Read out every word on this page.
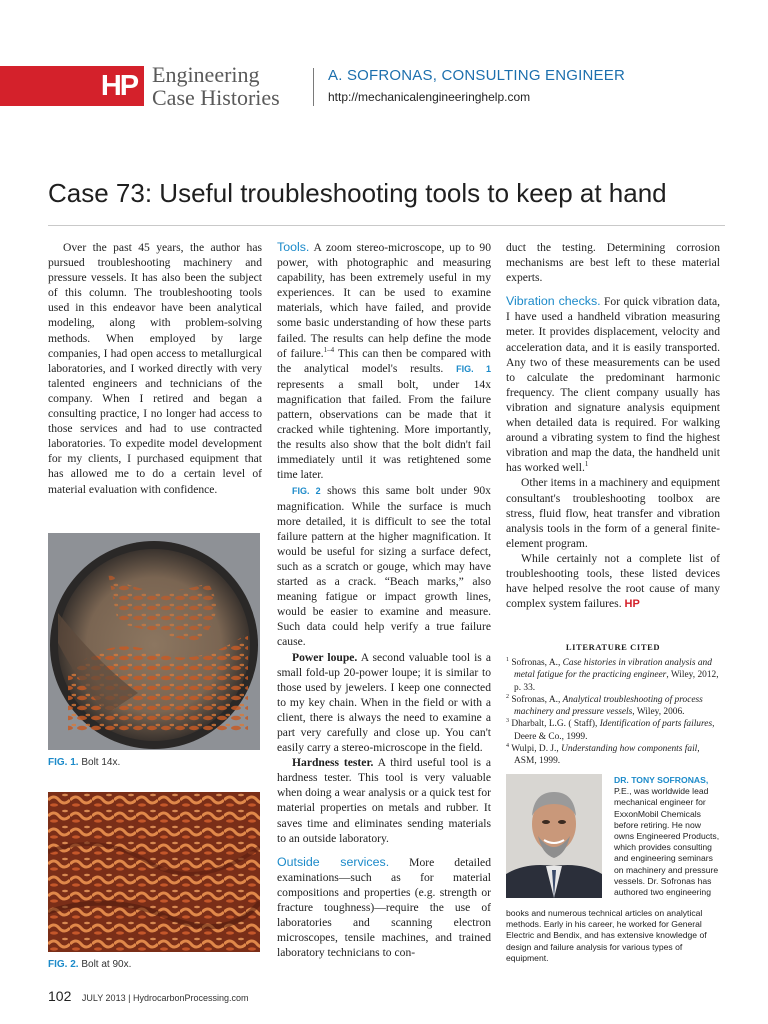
HP Engineering
Case Histories
A. SOFRONAS, CONSULTING ENGINEER
http://mechanicalengineeringhelp.com
Case 73: Useful troubleshooting tools to keep at hand

Over the past 45 years, the author has pursued troubleshooting machinery and pressure vessels. It has also been the subject of this column. The troubleshooting tools used in this endeavor have been analytical modeling, along with problem-solving methods. When employed by large companies, I had open access to metallurgical laboratories, and I worked directly with very talented engineers and technicians of the company. When I retired and began a consulting practice, I no longer had access to those services and had to use contracted laboratories. To expedite model development for my clients, I purchased equipment that has allowed me to do a certain level of material evaluation with confidence.

FIG. 1. Bolt 14x.
FIG. 2. Bolt at 90x.

Tools. A zoom stereo-microscope, up to 90 power, with photographic and measuring capability, has been extremely useful in my experiences. It can be used to examine materials, which have failed, and provide some basic understanding of how these parts failed. The results can help define the mode of failure.$^{1-4}$ This can then be compared with the analytical model's results. FIG. 1 represents a small bolt, under 14x magnification that failed. From the failure pattern, observations can be made that it cracked while tightening. More importantly, the results also show that the bolt didn't fail immediately until it was retightened some time later.

FIG. 2 shows this same bolt under 90x magnification. While the surface is much more detailed, it is difficult to see the total failure pattern at the higher magnification. It would be useful for sizing a surface defect, such as a scratch or gouge, which may have started as a crack. “Beach marks,” also meaning fatigue or impact growth lines, would be easier to examine and measure. Such data could help verify a true failure cause.

Power loupe. A second valuable tool is a small fold-up 20-power loupe; it is similar to those used by jewelers. I keep one connected to my key chain. When in the field or with a client, there is always the need to examine a part very carefully and close up. You can't easily carry a stereo-microscope in the field.

Hardness tester. A third useful tool is a hardness tester. This tool is very valuable when doing a wear analysis or a quick test for material properties on metals and rubber. It saves time and eliminates sending materials to an outside laboratory.

Outside services. More detailed examinations—such as for material compositions and properties (e.g. strength or fracture toughness)—require the use of laboratories and scanning electron microscopes, tensile machines, and trained laboratory technicians to con-

duct the testing. Determining corrosion mechanisms are best left to these material experts.

Vibration checks. For quick vibration data, I have used a handheld vibration measuring meter. It provides displacement, velocity and acceleration data, and it is easily transported. Any two of these measurements can be used to calculate the predominant harmonic frequency. The client company usually has vibration and signature analysis equipment when detailed data is required. For walking around a vibrating system to find the highest vibration and map the data, the handheld unit has worked well.$^1$

Other items in a machinery and equipment consultant's troubleshooting toolbox are stress, fluid flow, heat transfer and vibration analysis tools in the form of a general finite-element program.

While certainly not a complete list of troubleshooting tools, these listed devices have helped resolve the root cause of many complex system failures. HP

LITERATURE CITED
$^1$ Sofronas, A., Case histories in vibration analysis and metal fatigue for the practicing engineer, Wiley, 2012, p. 33.
$^2$ Sofronas, A., Analytical troubleshooting of process machinery and pressure vessels, Wiley, 2006.
$^3$ Dharbalt, L.G. ( Staff), Identification of parts failures, Deere & Co., 1999.
$^4$ Wulpi, D. J., Understanding how components fail, ASM, 1999.
DR. TONY SOFRONAS,
P.E., was worldwide lead mechanical engineer for ExxonMobil Chemicals before retiring. He now owns Engineered Products, which provides consulting and engineering seminars on machinery and pressure vessels. Dr. Sofronas has authored two engineering
books and numerous technical articles on analytical methods. Early in his career, he worked for General Electric and Bendix, and has extensive knowledge of design and failure analysis for various types of equipment.
102 JULY 2013 | HydrocarbonProcessing.com
